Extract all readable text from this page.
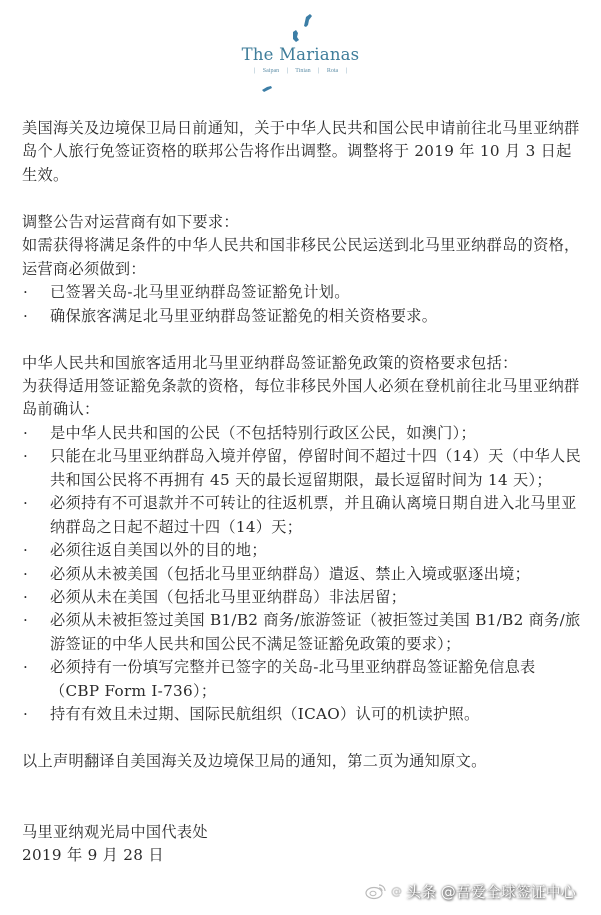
The Marianas
| Saipan | Tinian | Rota |

美国海关及边境保卫局日前通知，关于中华人民共和国公民申请前往北马里亚纳群岛个人旅行免签证资格的联邦公告将作出调整。调整将于 2019 年 10 月 3 日起生效。

调整公告对运营商有如下要求：

如需获得将满足条件的中华人民共和国非移民公民运送到北马里亚纳群岛的资格，运营商必须做到：

·	已签署关岛-北马里亚纳群岛签证豁免计划。
·	确保旅客满足北马里亚纳群岛签证豁免的相关资格要求。

中华人民共和国旅客适用北马里亚纳群岛签证豁免政策的资格要求包括：

为获得适用签证豁免条款的资格，每位非移民外国人必须在登机前往北马里亚纳群岛前确认：

·	是中华人民共和国的公民（不包括特别行政区公民，如澳门）；
·	只能在北马里亚纳群岛入境并停留，停留时间不超过十四（14）天（中华人民共和国公民将不再拥有 45 天的最长逗留期限，最长逗留时间为 14 天）；
·	必须持有不可退款并不可转让的往返机票，并且确认离境日期自进入北马里亚纳群岛之日起不超过十四（14）天；
·	必须往返自美国以外的目的地；
·	必须从未被美国（包括北马里亚纳群岛）遣返、禁止入境或驱逐出境；
·	必须从未在美国（包括北马里亚纳群岛）非法居留；
·	必须从未被拒签过美国 B1/B2 商务/旅游签证（被拒签过美国 B1/B2 商务/旅游签证的中华人民共和国公民不满足签证豁免政策的要求）；
·	必须持有一份填写完整并已签字的关岛-北马里亚纳群岛签证豁免信息表（CBP Form I-736）；
·	持有有效且未过期、国际民航组织（ICAO）认可的机读护照。

以上声明翻译自美国海关及边境保卫局的通知，第二页为通知原文。

马里亚纳观光局中国代表处

2019 年 9 月 28 日

@ 头条 @吾爱全球签证中心
